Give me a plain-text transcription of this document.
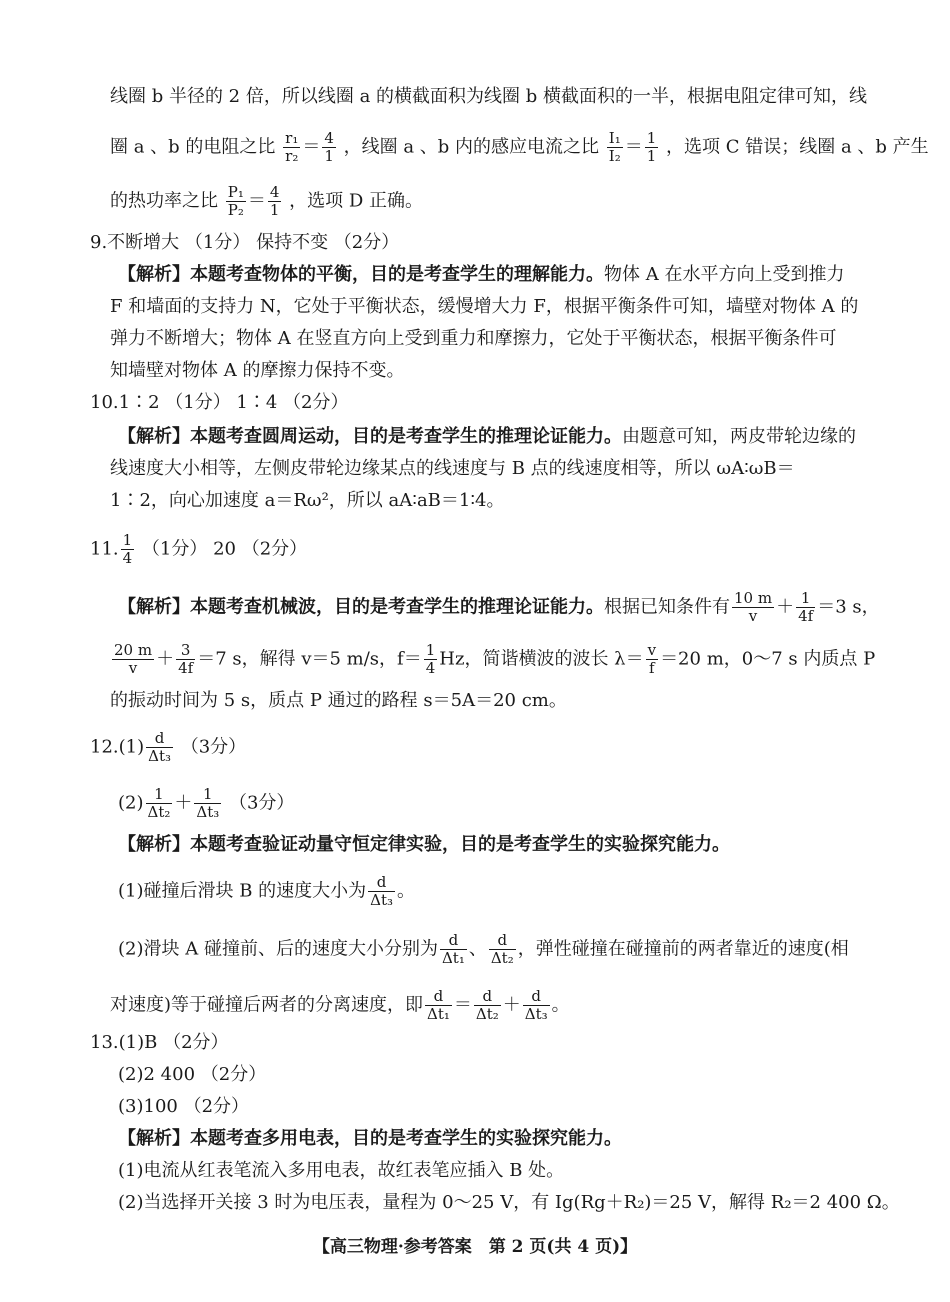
线圈 b 半径的 2 倍，所以线圈 a 的横截面积为线圈 b 横截面积的一半，根据电阻定律可知，线
圈 a 、b 的电阻之比 $\frac{\text{r₁}}{\text{r₂}} = \frac{4}{1}$ ，线圈 a 、b 内的感应电流之比 $\frac{\text{I₁}}{\text{I₂}} = \frac{1}{1}$ ，选项 C 错误；线圈 a 、b 产生
的热功率之比 $\frac{\text{P₁}}{\text{P₂}} = \frac{4}{1}$ ，选项 D 正确。
9.不断增大 （1分） 保持不变 （2分）
【解析】本题考查物体的平衡，目的是考查学生的理解能力。物体 A 在水平方向上受到推力
F 和墙面的支持力 N，它处于平衡状态，缓慢增大力 F，根据平衡条件可知，墙壁对物体 A 的
弹力不断增大；物体 A 在竖直方向上受到重力和摩擦力，它处于平衡状态，根据平衡条件可
知墙壁对物体 A 的摩擦力保持不变。
10.1∶2 （1分） 1∶4 （2分）
【解析】本题考查圆周运动，目的是考查学生的推理论证能力。由题意可知，两皮带轮边缘的
线速度大小相等，左侧皮带轮边缘某点的线速度与 B 点的线速度相等，所以 ωA∶ωB＝
1∶2，向心加速度 a＝Rω²，所以 aA∶aB＝1∶4。
11. $\frac{1}{4} (1$分） 20 （2分）
【解析】本题考查机械波，目的是考查学生的推理论证能力。根据已知条件有 $\frac{10 m}{v} + \frac{1}{4f} =3$ s，
$\frac{20 m}{v} + \frac{3}{4f} =7$ s，解得 v＝5 m/s，$f= \frac{1}{4}$ Hz，简谐横波的波长 $\lambda= \frac{v}{f} =20$ m，0～7 s 内质点 P
的振动时间为 5 s，质点 P 通过的路程 s＝5A＝20 cm。
$12.(1) \frac{d}{\text{Δt₃}} (3$分）
$(2) \frac{1}{\text{Δt₂}} + \frac{1}{\text{Δt₃}} (3$分）
【解析】本题考查验证动量守恒定律实验，目的是考查学生的实验探究能力。
(1)碰撞后滑块 B 的速度大小为 $\frac{d}{\text{Δt₃}}$ 。
(2)滑块 A 碰撞前、后的速度大小分别为 $\frac{d}{\text{Δt₁}}$ 、 $\frac{d}{\text{Δt₂}}$ ，弹性碰撞在碰撞前的两者靠近的速度(相
对速度)等于碰撞后两者的分离速度，即 $\frac{d}{\text{Δt₁}} = \frac{d}{\text{Δt₂}} + \frac{d}{\text{Δt₃}}$ 。
13.(1)B （2分）
(2)2 400 （2分）
(3)100 （2分）
【解析】本题考查多用电表，目的是考查学生的实验探究能力。
(1)电流从红表笔流入多用电表，故红表笔应插入 B 处。
(2)当选择开关接 3 时为电压表，量程为 0～25 V，有 Ig(Rg＋R₂)＝25 V，解得 R₂＝2 400 Ω。
【高三物理·参考答案　第 2 页(共 4 页)】
